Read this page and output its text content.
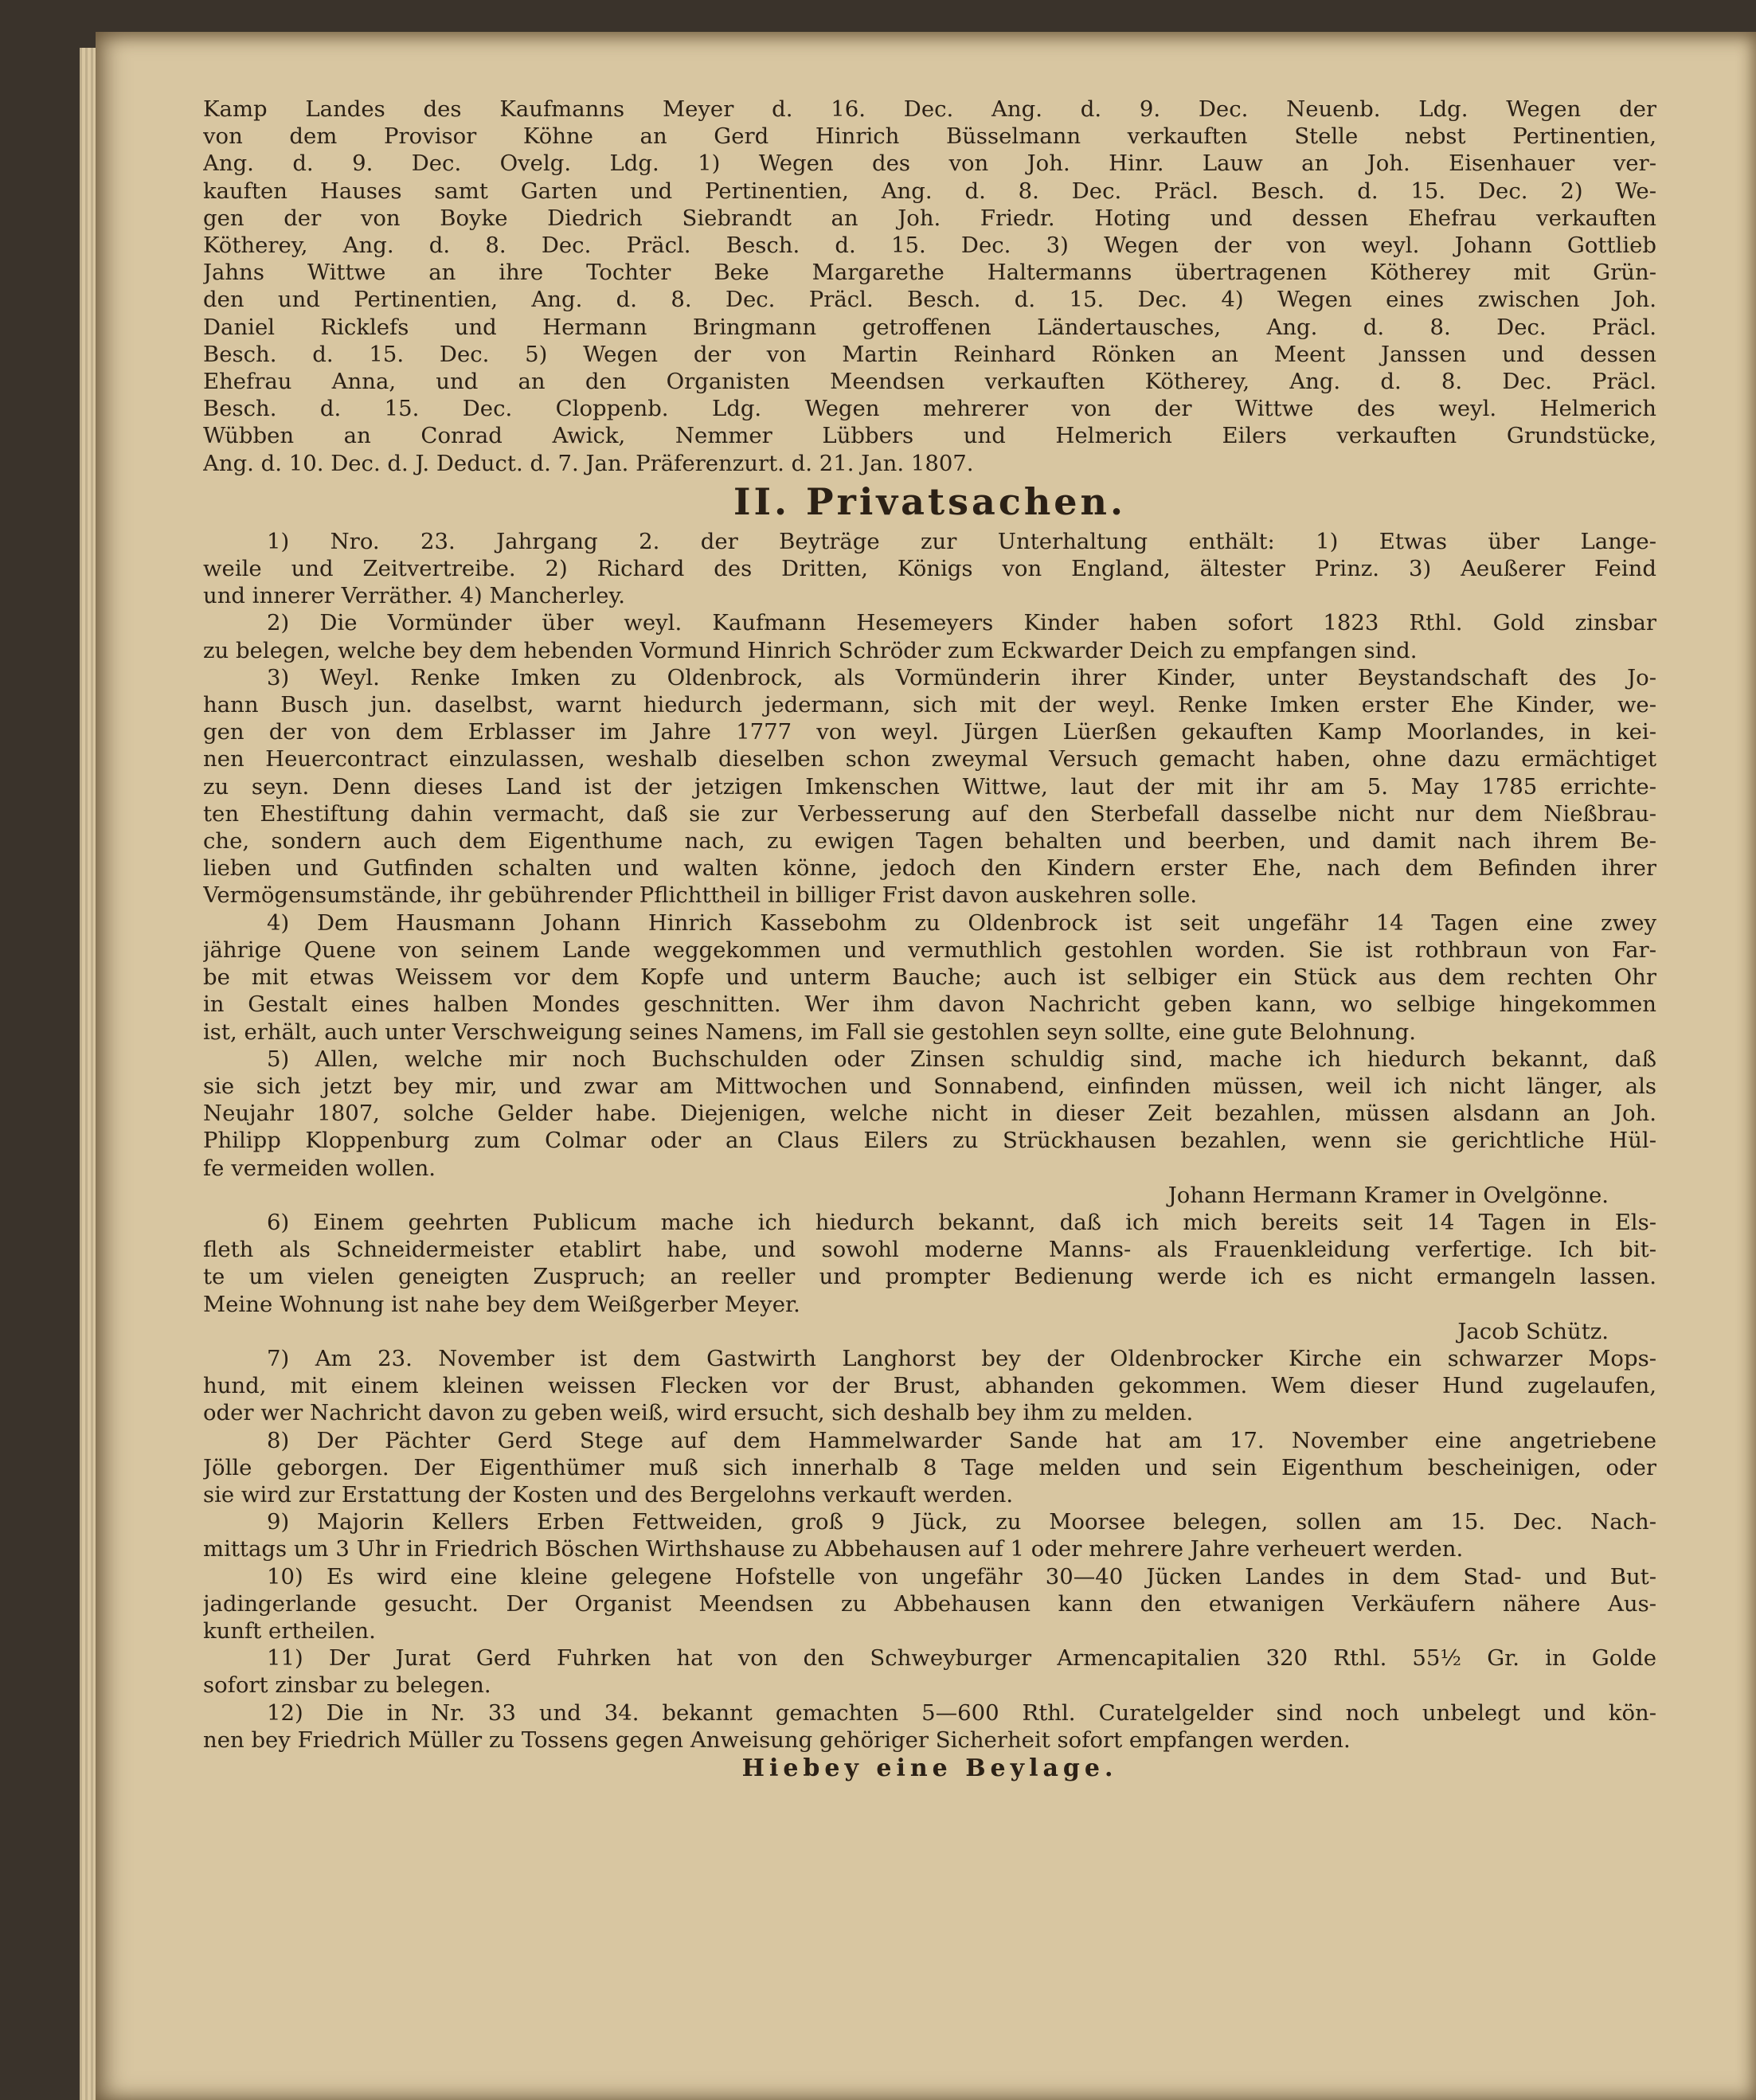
Kamp Landes des Kaufmanns Meyer d. 16. Dec. Ang. d. 9. Dec. Neuenb. Ldg. Wegen der
von dem Provisor Köhne an Gerd Hinrich Büsselmann verkauften Stelle nebst Pertinentien,
Ang. d. 9. Dec. Ovelg. Ldg. 1) Wegen des von Joh. Hinr. Lauw an Joh. Eisenhauer ver-
kauften Hauses samt Garten und Pertinentien, Ang. d. 8. Dec. Präcl. Besch. d. 15. Dec. 2) We-
gen der von Boyke Diedrich Siebrandt an Joh. Friedr. Hoting und dessen Ehefrau verkauften
Kötherey, Ang. d. 8. Dec. Präcl. Besch. d. 15. Dec. 3) Wegen der von weyl. Johann Gottlieb
Jahns Wittwe an ihre Tochter Beke Margarethe Haltermanns übertragenen Kötherey mit Grün-
den und Pertinentien, Ang. d. 8. Dec. Präcl. Besch. d. 15. Dec. 4) Wegen eines zwischen Joh.
Daniel Ricklefs und Hermann Bringmann getroffenen Ländertausches, Ang. d. 8. Dec. Präcl.
Besch. d. 15. Dec. 5) Wegen der von Martin Reinhard Rönken an Meent Janssen und dessen
Ehefrau Anna, und an den Organisten Meendsen verkauften Kötherey, Ang. d. 8. Dec. Präcl.
Besch. d. 15. Dec. Cloppenb. Ldg. Wegen mehrerer von der Wittwe des weyl. Helmerich
Wübben an Conrad Awick, Nemmer Lübbers und Helmerich Eilers verkauften Grundstücke,
Ang. d. 10. Dec. d. J. Deduct. d. 7. Jan. Präferenzurt. d. 21. Jan. 1807.
II. Privatsachen.
1) Nro. 23. Jahrgang 2. der Beyträge zur Unterhaltung enthält: 1) Etwas über Lange-
weile und Zeitvertreibe. 2) Richard des Dritten, Königs von England, ältester Prinz. 3) Aeußerer Feind
und innerer Verräther. 4) Mancherley.
2) Die Vormünder über weyl. Kaufmann Hesemeyers Kinder haben sofort 1823 Rthl. Gold zinsbar
zu belegen, welche bey dem hebenden Vormund Hinrich Schröder zum Eckwarder Deich zu empfangen sind.
3) Weyl. Renke Imken zu Oldenbrock, als Vormünderin ihrer Kinder, unter Beystandschaft des Jo-
hann Busch jun. daselbst, warnt hiedurch jedermann, sich mit der weyl. Renke Imken erster Ehe Kinder, we-
gen der von dem Erblasser im Jahre 1777 von weyl. Jürgen Lüerßen gekauften Kamp Moorlandes, in kei-
nen Heuercontract einzulassen, weshalb dieselben schon zweymal Versuch gemacht haben, ohne dazu ermächtiget
zu seyn. Denn dieses Land ist der jetzigen Imkenschen Wittwe, laut der mit ihr am 5. May 1785 errichte-
ten Ehestiftung dahin vermacht, daß sie zur Verbesserung auf den Sterbefall dasselbe nicht nur dem Nießbrau-
che, sondern auch dem Eigenthume nach, zu ewigen Tagen behalten und beerben, und damit nach ihrem Be-
lieben und Gutfinden schalten und walten könne, jedoch den Kindern erster Ehe, nach dem Befinden ihrer
Vermögensumstände, ihr gebührender Pflichttheil in billiger Frist davon auskehren solle.
4) Dem Hausmann Johann Hinrich Kassebohm zu Oldenbrock ist seit ungefähr 14 Tagen eine zwey
jährige Quene von seinem Lande weggekommen und vermuthlich gestohlen worden. Sie ist rothbraun von Far-
be mit etwas Weissem vor dem Kopfe und unterm Bauche; auch ist selbiger ein Stück aus dem rechten Ohr
in Gestalt eines halben Mondes geschnitten. Wer ihm davon Nachricht geben kann, wo selbige hingekommen
ist, erhält, auch unter Verschweigung seines Namens, im Fall sie gestohlen seyn sollte, eine gute Belohnung.
5) Allen, welche mir noch Buchschulden oder Zinsen schuldig sind, mache ich hiedurch bekannt, daß
sie sich jetzt bey mir, und zwar am Mittwochen und Sonnabend, einfinden müssen, weil ich nicht länger, als
Neujahr 1807, solche Gelder habe. Diejenigen, welche nicht in dieser Zeit bezahlen, müssen alsdann an Joh.
Philipp Kloppenburg zum Colmar oder an Claus Eilers zu Strückhausen bezahlen, wenn sie gerichtliche Hül-
fe vermeiden wollen.
Johann Hermann Kramer in Ovelgönne.
6) Einem geehrten Publicum mache ich hiedurch bekannt, daß ich mich bereits seit 14 Tagen in Els-
fleth als Schneidermeister etablirt habe, und sowohl moderne Manns- als Frauenkleidung verfertige. Ich bit-
te um vielen geneigten Zuspruch; an reeller und prompter Bedienung werde ich es nicht ermangeln lassen.
Meine Wohnung ist nahe bey dem Weißgerber Meyer.
Jacob Schütz.
7) Am 23. November ist dem Gastwirth Langhorst bey der Oldenbrocker Kirche ein schwarzer Mops-
hund, mit einem kleinen weissen Flecken vor der Brust, abhanden gekommen. Wem dieser Hund zugelaufen,
oder wer Nachricht davon zu geben weiß, wird ersucht, sich deshalb bey ihm zu melden.
8) Der Pächter Gerd Stege auf dem Hammelwarder Sande hat am 17. November eine angetriebene
Jölle geborgen. Der Eigenthümer muß sich innerhalb 8 Tage melden und sein Eigenthum bescheinigen, oder
sie wird zur Erstattung der Kosten und des Bergelohns verkauft werden.
9) Majorin Kellers Erben Fettweiden, groß 9 Jück, zu Moorsee belegen, sollen am 15. Dec. Nach-
mittags um 3 Uhr in Friedrich Böschen Wirthshause zu Abbehausen auf 1 oder mehrere Jahre verheuert werden.
10) Es wird eine kleine gelegene Hofstelle von ungefähr 30—40 Jücken Landes in dem Stad- und But-
jadingerlande gesucht. Der Organist Meendsen zu Abbehausen kann den etwanigen Verkäufern nähere Aus-
kunft ertheilen.
11) Der Jurat Gerd Fuhrken hat von den Schweyburger Armencapitalien 320 Rthl. 55½ Gr. in Golde
sofort zinsbar zu belegen.
12) Die in Nr. 33 und 34. bekannt gemachten 5—600 Rthl. Curatelgelder sind noch unbelegt und kön-
nen bey Friedrich Müller zu Tossens gegen Anweisung gehöriger Sicherheit sofort empfangen werden.
Hiebey eine Beylage.
